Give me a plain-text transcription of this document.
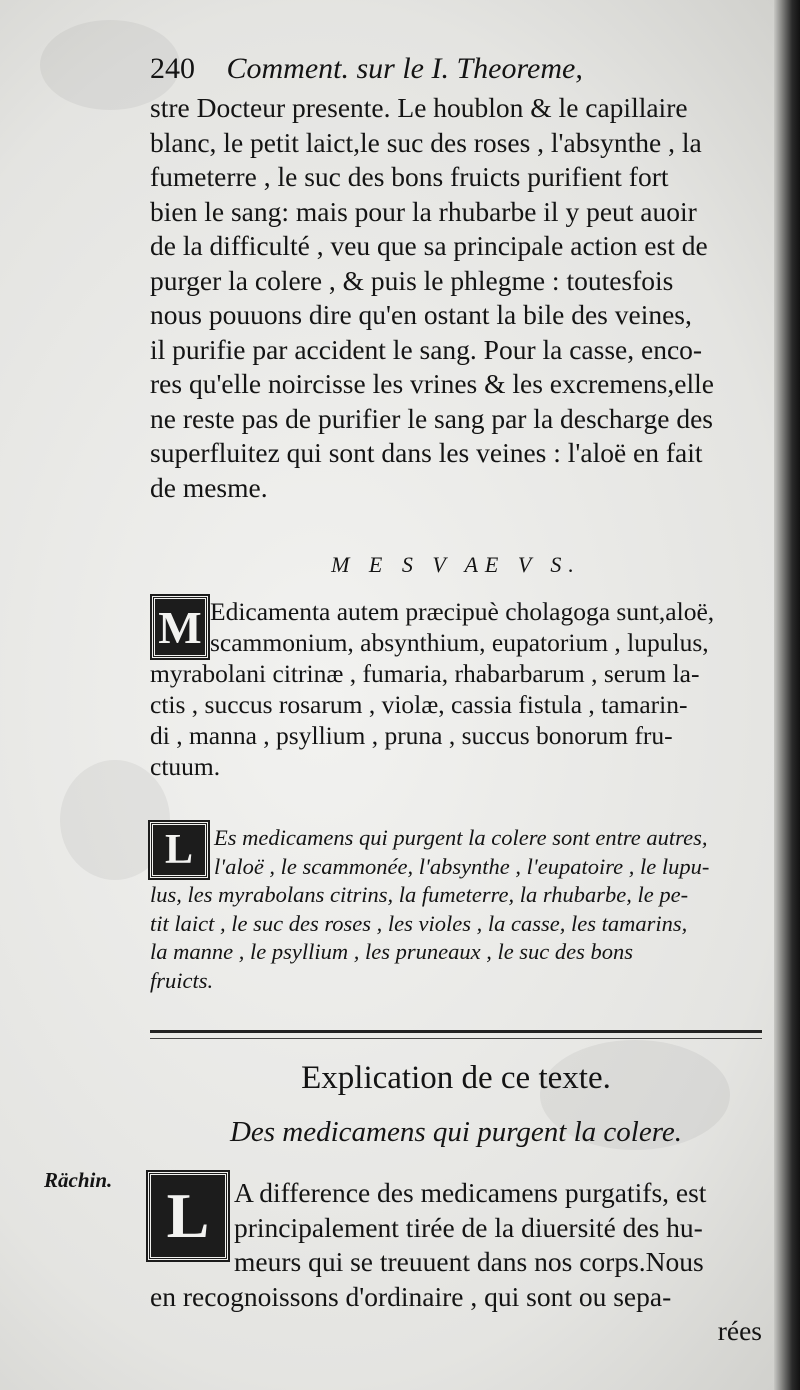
240 Comment. sur le I. Theoreme,
stre Docteur presente. Le houblon & le capillaire
blanc, le petit laict,le suc des roses , l'absynthe , la
fumeterre , le suc des bons fruicts purifient fort
bien le sang: mais pour la rhubarbe il y peut auoir
de la difficulté , veu que sa principale action est de
purger la colere , & puis le phlegme : toutesfois
nous pouuons dire qu'en ostant la bile des veines,
il purifie par accident le sang. Pour la casse, enco-
res qu'elle noircisse les vrines & les excremens,elle
ne reste pas de purifier le sang par la descharge des
superfluitez qui sont dans les veines : l'aloë en fait
de mesme.
M E S V AE V S.
M Edicamenta autem præcipuè cholagoga sunt,aloë,
scammonium, absynthium, eupatorium , lupulus,
myrabolani citrinæ , fumaria, rhabarbarum , serum la-
ctis , succus rosarum , violæ, cassia fistula , tamarin-
di , manna , psyllium , pruna , succus bonorum fru-
ctuum.
L Es medicamens qui purgent la colere sont entre autres,
l'aloë , le scammonée, l'absynthe , l'eupatoire , le lupu-
lus, les myrabolans citrins, la fumeterre, la rhubarbe, le pe-
tit laict , le suc des roses , les violes , la casse, les tamarins,
la manne , le psyllium , les pruneaux , le suc des bons
fruicts.
Explication de ce texte.
Des medicamens qui purgent la colere.
Rächin. L A difference des medicamens purgatifs, est
principalement tirée de la diuersité des hu-
meurs qui se treuuent dans nos corps.Nous
en recognoissons d'ordinaire , qui sont ou sepa-
rées
